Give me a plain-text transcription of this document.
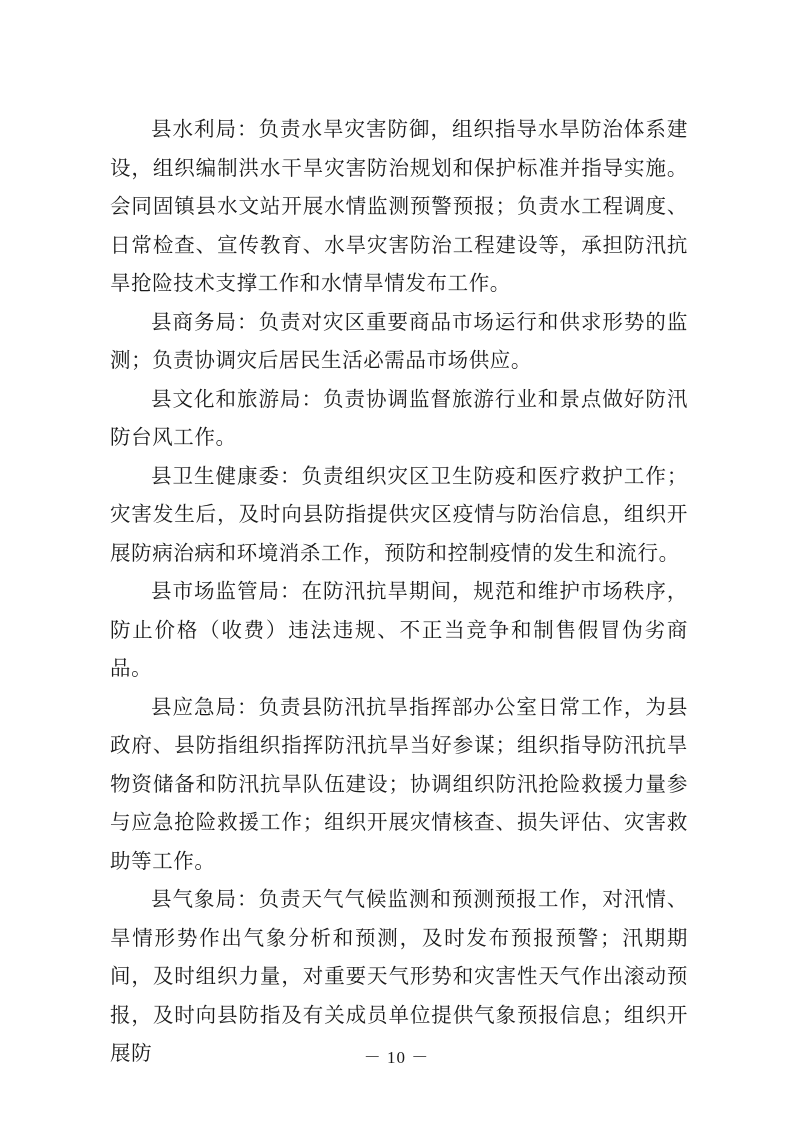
县水利局：负责水旱灾害防御，组织指导水旱防治体系建设，组织编制洪水干旱灾害防治规划和保护标准并指导实施。会同固镇县水文站开展水情监测预警预报；负责水工程调度、日常检查、宣传教育、水旱灾害防治工程建设等，承担防汛抗旱抢险技术支撑工作和水情旱情发布工作。

县商务局：负责对灾区重要商品市场运行和供求形势的监测；负责协调灾后居民生活必需品市场供应。

县文化和旅游局：负责协调监督旅游行业和景点做好防汛防台风工作。

县卫生健康委：负责组织灾区卫生防疫和医疗救护工作；灾害发生后，及时向县防指提供灾区疫情与防治信息，组织开展防病治病和环境消杀工作，预防和控制疫情的发生和流行。

县市场监管局：在防汛抗旱期间，规范和维护市场秩序，防止价格（收费）违法违规、不正当竞争和制售假冒伪劣商品。

县应急局：负责县防汛抗旱指挥部办公室日常工作，为县政府、县防指组织指挥防汛抗旱当好参谋；组织指导防汛抗旱物资储备和防汛抗旱队伍建设；协调组织防汛抢险救援力量参与应急抢险救援工作；组织开展灾情核查、损失评估、灾害救助等工作。

县气象局：负责天气气候监测和预测预报工作，对汛情、旱情形势作出气象分析和预测，及时发布预报预警；汛期期间，及时组织力量，对重要天气形势和灾害性天气作出滚动预报，及时向县防指及有关成员单位提供气象预报信息；组织开展防	－ 10 －
